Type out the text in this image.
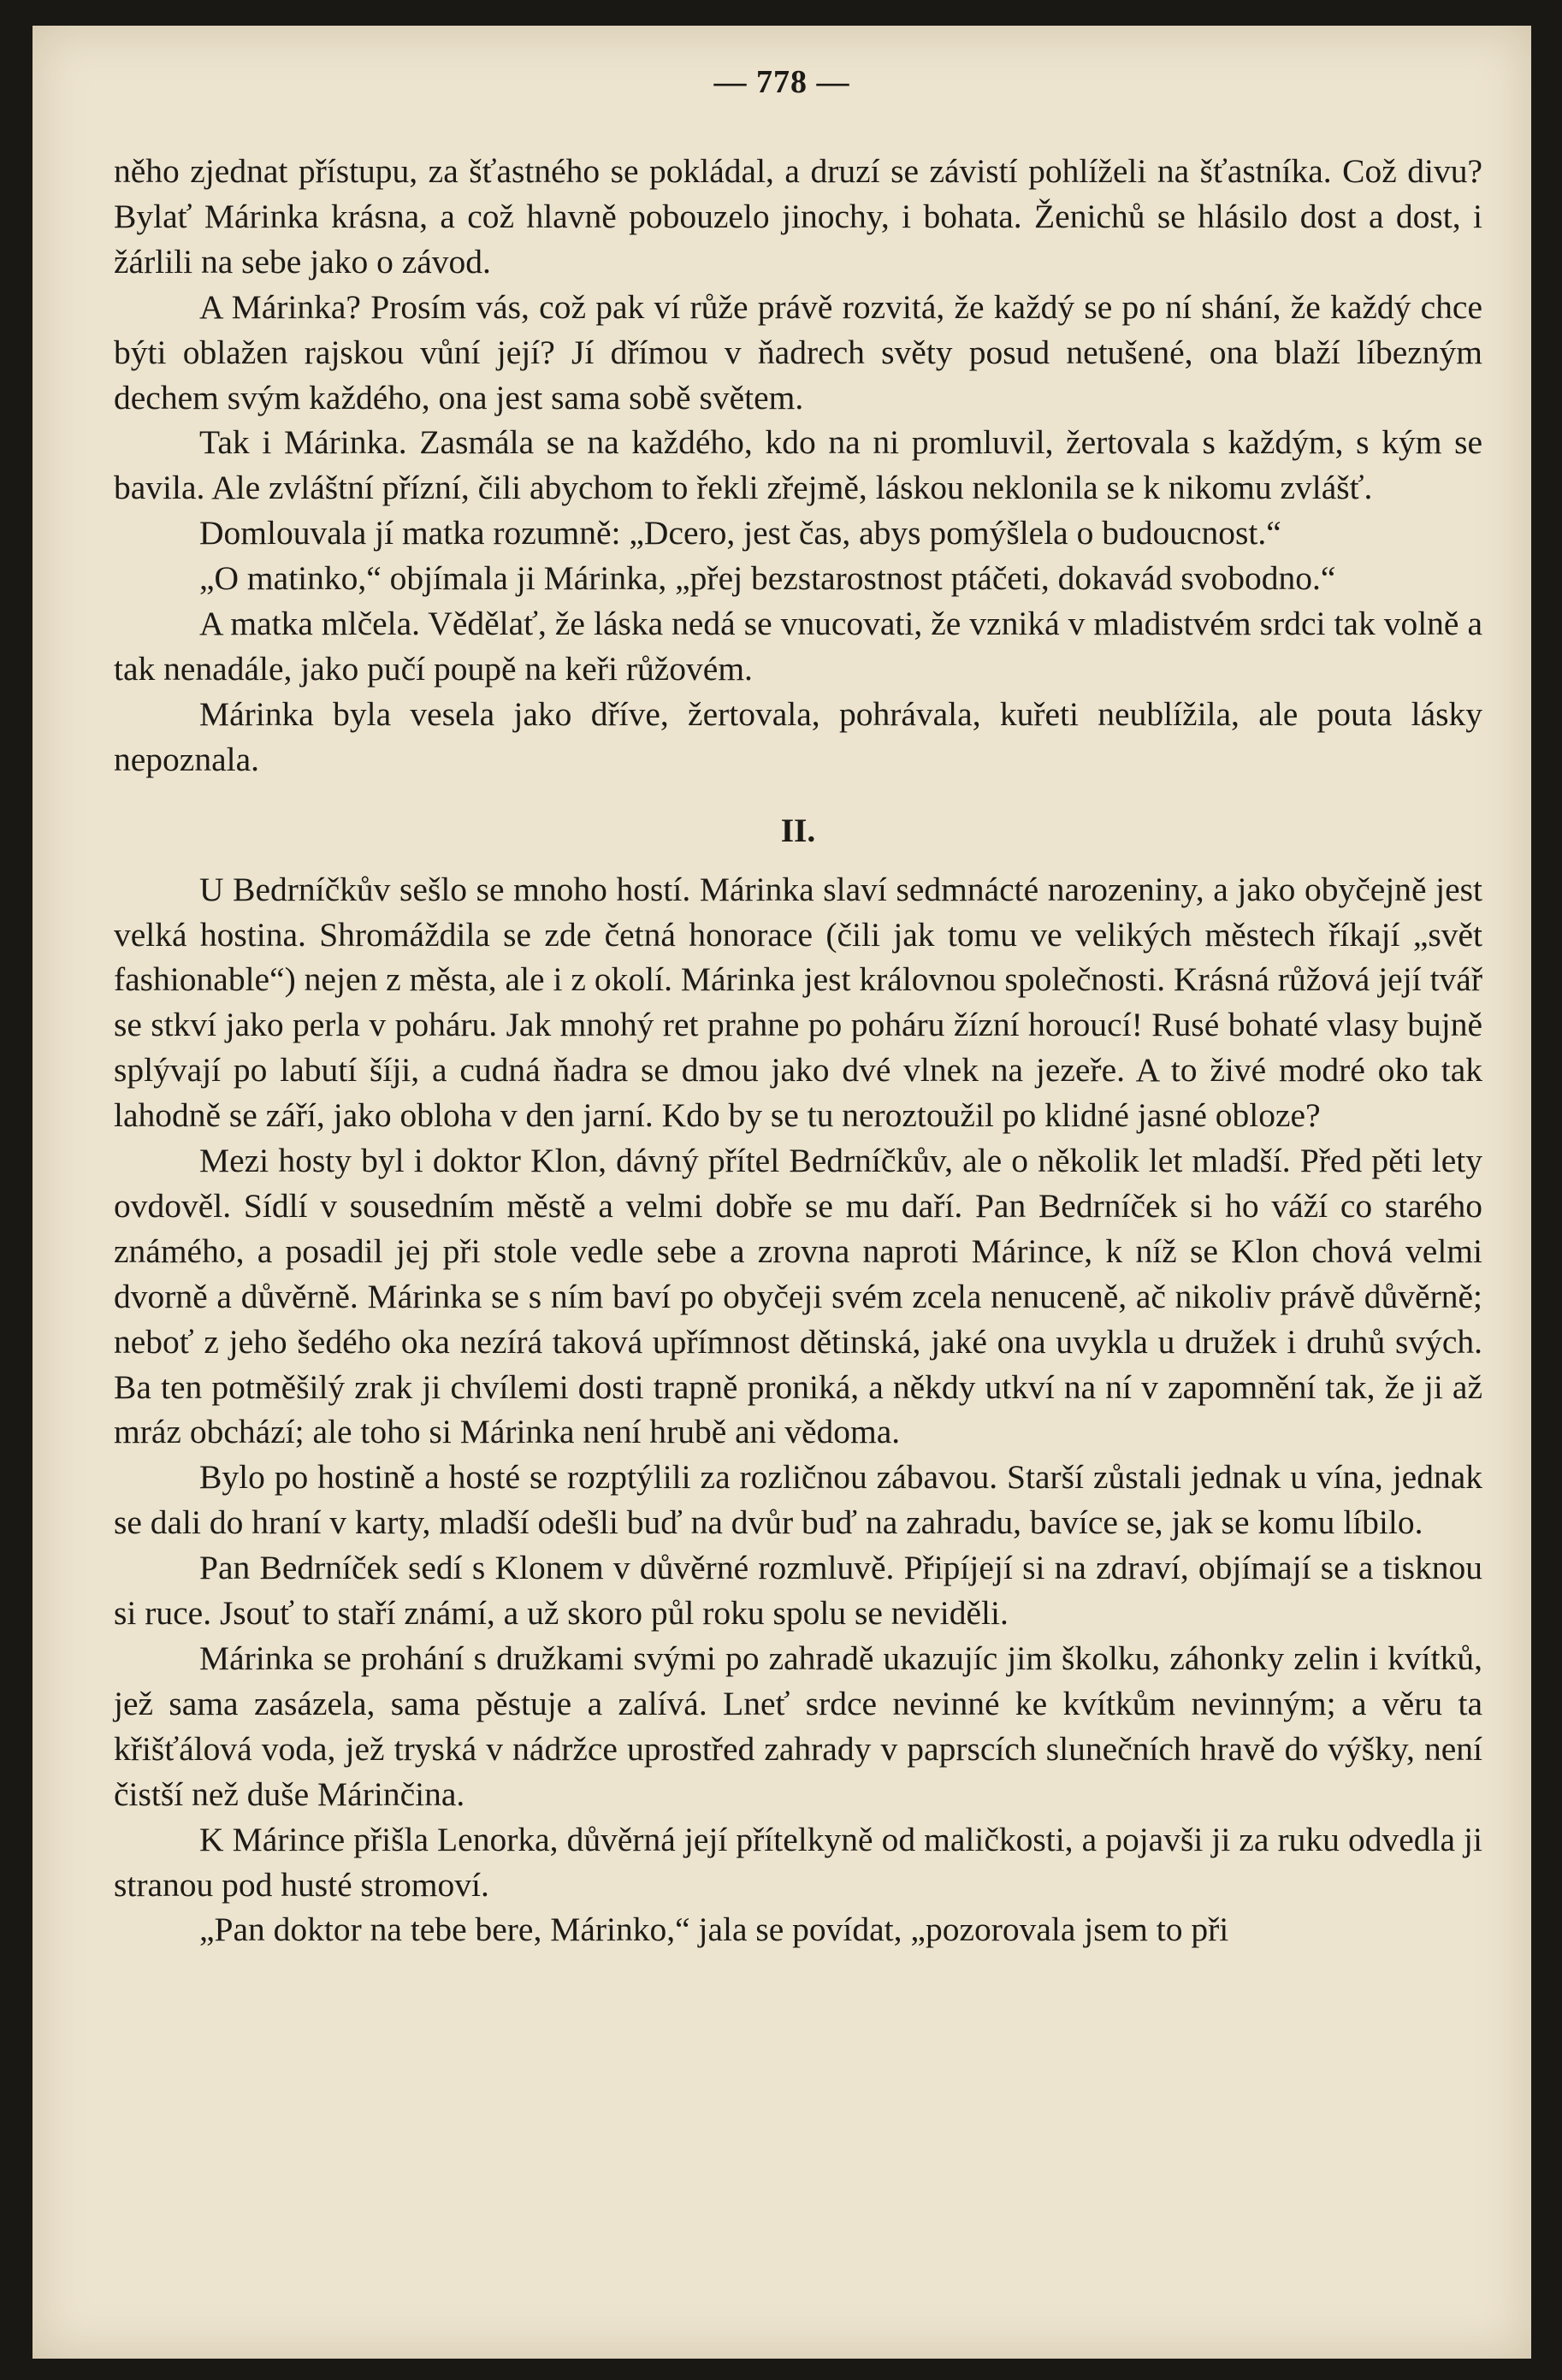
— 778 —

něho zjednat přístupu, za šťastného se pokládal, a druzí se závistí pohlíželi na šťastníka. Což divu? Bylať Márinka krásna, a což hlavně pobouzelo jinochy, i bohata. Ženichů se hlásilo dost a dost, i žárlili na sebe jako o závod.

A Márinka? Prosím vás, což pak ví růže právě rozvitá, že každý se po ní shání, že každý chce býti oblažen rajskou vůní její? Jí dřímou v ňadrech světy posud netušené, ona blaží líbezným dechem svým každého, ona jest sama sobě světem.

Tak i Márinka. Zasmála se na každého, kdo na ni promluvil, žertovala s každým, s kým se bavila. Ale zvláštní přízní, čili abychom to řekli zřejmě, láskou neklonila se k nikomu zvlášť.

Domlouvala jí matka rozumně: „Dcero, jest čas, abys pomýšlela o budoucnost.“

„O matinko,“ objímala ji Márinka, „přej bezstarostnost ptáčeti, dokavád svobodno.“

A matka mlčela. Vědělať, že láska nedá se vnucovati, že vzniká v mladistvém srdci tak volně a tak nenadále, jako pučí poupě na keři růžovém.

Márinka byla vesela jako dříve, žertovala, pohrávala, kuřeti neublížila, ale pouta lásky nepoznala.

II.

U Bedrníčkův sešlo se mnoho hostí. Márinka slaví sedmnácté narozeniny, a jako obyčejně jest velká hostina. Shromáždila se zde četná honorace (čili jak tomu ve velikých městech říkají „svět fashionable“) nejen z města, ale i z okolí. Márinka jest královnou společnosti. Krásná růžová její tvář se stkví jako perla v poháru. Jak mnohý ret prahne po poháru žízní horoucí! Rusé bohaté vlasy bujně splývají po labutí šíji, a cudná ňadra se dmou jako dvé vlnek na jezeře. A to živé modré oko tak lahodně se září, jako obloha v den jarní. Kdo by se tu neroztoužil po klidné jasné obloze?

Mezi hosty byl i doktor Klon, dávný přítel Bedrníčkův, ale o několik let mladší. Před pěti lety ovdověl. Sídlí v sousedním městě a velmi dobře se mu daří. Pan Bedrníček si ho váží co starého známého, a posadil jej při stole vedle sebe a zrovna naproti Márince, k níž se Klon chová velmi dvorně a důvěrně. Márinka se s ním baví po obyčeji svém zcela nenuceně, ač nikoliv právě důvěrně; neboť z jeho šedého oka nezírá taková upřímnost dětinská, jaké ona uvykla u družek i druhů svých. Ba ten potměšilý zrak ji chvílemi dosti trapně proniká, a někdy utkví na ní v zapomnění tak, že ji až mráz obchází; ale toho si Márinka není hrubě ani vědoma.

Bylo po hostině a hosté se rozptýlili za rozličnou zábavou. Starší zůstali jednak u vína, jednak se dali do hraní v karty, mladší odešli buď na dvůr buď na zahradu, bavíce se, jak se komu líbilo.

Pan Bedrníček sedí s Klonem v důvěrné rozmluvě. Připíjejí si na zdraví, objímají se a tisknou si ruce. Jsouť to staří známí, a už skoro půl roku spolu se neviděli.

Márinka se prohání s družkami svými po zahradě ukazujíc jim školku, záhonky zelin i kvítků, jež sama zasázela, sama pěstuje a zalívá. Lneť srdce nevinné ke kvítkům nevinným; a věru ta křišťálová voda, jež tryská v nádržce uprostřed zahrady v paprscích slunečních hravě do výšky, není čistší než duše Márinčina.

K Márince přišla Lenorka, důvěrná její přítelkyně od maličkosti, a pojavši ji za ruku odvedla ji stranou pod husté stromoví.

„Pan doktor na tebe bere, Márinko,“ jala se povídat, „pozorovala jsem to při
